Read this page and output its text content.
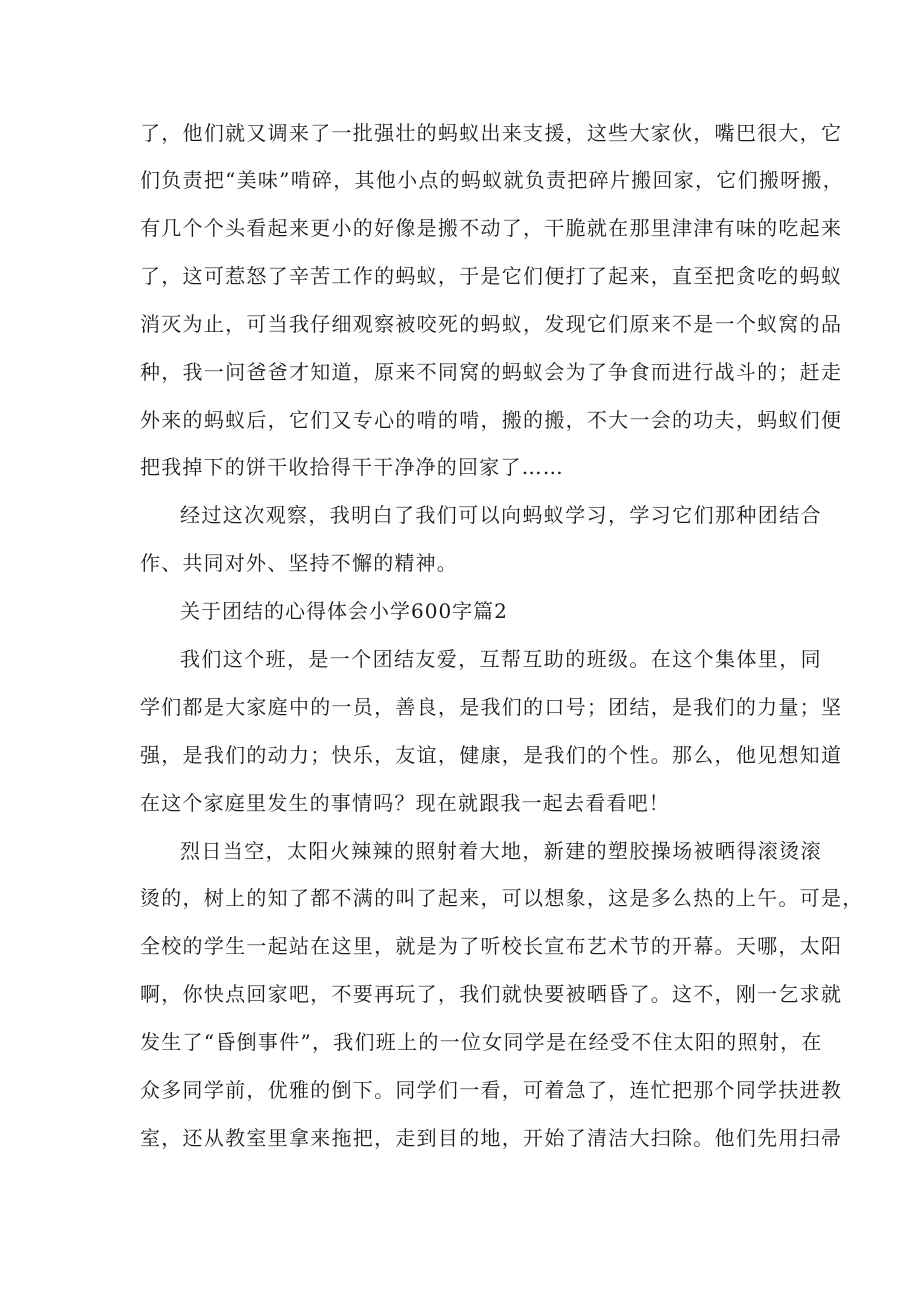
了，他们就又调来了一批强壮的蚂蚁出来支援，这些大家伙，嘴巴很大，它
们负责把“美味”啃碎，其他小点的蚂蚁就负责把碎片搬回家，它们搬呀搬，
有几个个头看起来更小的好像是搬不动了，干脆就在那里津津有味的吃起来
了，这可惹怒了辛苦工作的蚂蚁，于是它们便打了起来，直至把贪吃的蚂蚁
消灭为止，可当我仔细观察被咬死的蚂蚁，发现它们原来不是一个蚁窝的品
种，我一问爸爸才知道，原来不同窝的蚂蚁会为了争食而进行战斗的；赶走
外来的蚂蚁后，它们又专心的啃的啃，搬的搬，不大一会的功夫，蚂蚁们便
把我掉下的饼干收拾得干干净净的回家了……
经过这次观察，我明白了我们可以向蚂蚁学习，学习它们那种团结合
作、共同对外、坚持不懈的精神。
关于团结的心得体会小学600字篇2
我们这个班，是一个团结友爱，互帮互助的班级。在这个集体里，同
学们都是大家庭中的一员，善良，是我们的口号；团结，是我们的力量；坚
强，是我们的动力；快乐，友谊，健康，是我们的个性。那么，他见想知道
在这个家庭里发生的事情吗？现在就跟我一起去看看吧！
烈日当空，太阳火辣辣的照射着大地，新建的塑胶操场被晒得滚烫滚
烫的，树上的知了都不满的叫了起来，可以想象，这是多么热的上午。可是，
全校的学生一起站在这里，就是为了听校长宣布艺术节的开幕。天哪，太阳
啊，你快点回家吧，不要再玩了，我们就快要被晒昏了。这不，刚一乞求就
发生了“昏倒事件”，我们班上的一位女同学是在经受不住太阳的照射，在
众多同学前，优雅的倒下。同学们一看，可着急了，连忙把那个同学扶进教
室，还从教室里拿来拖把，走到目的地，开始了清洁大扫除。他们先用扫帚
